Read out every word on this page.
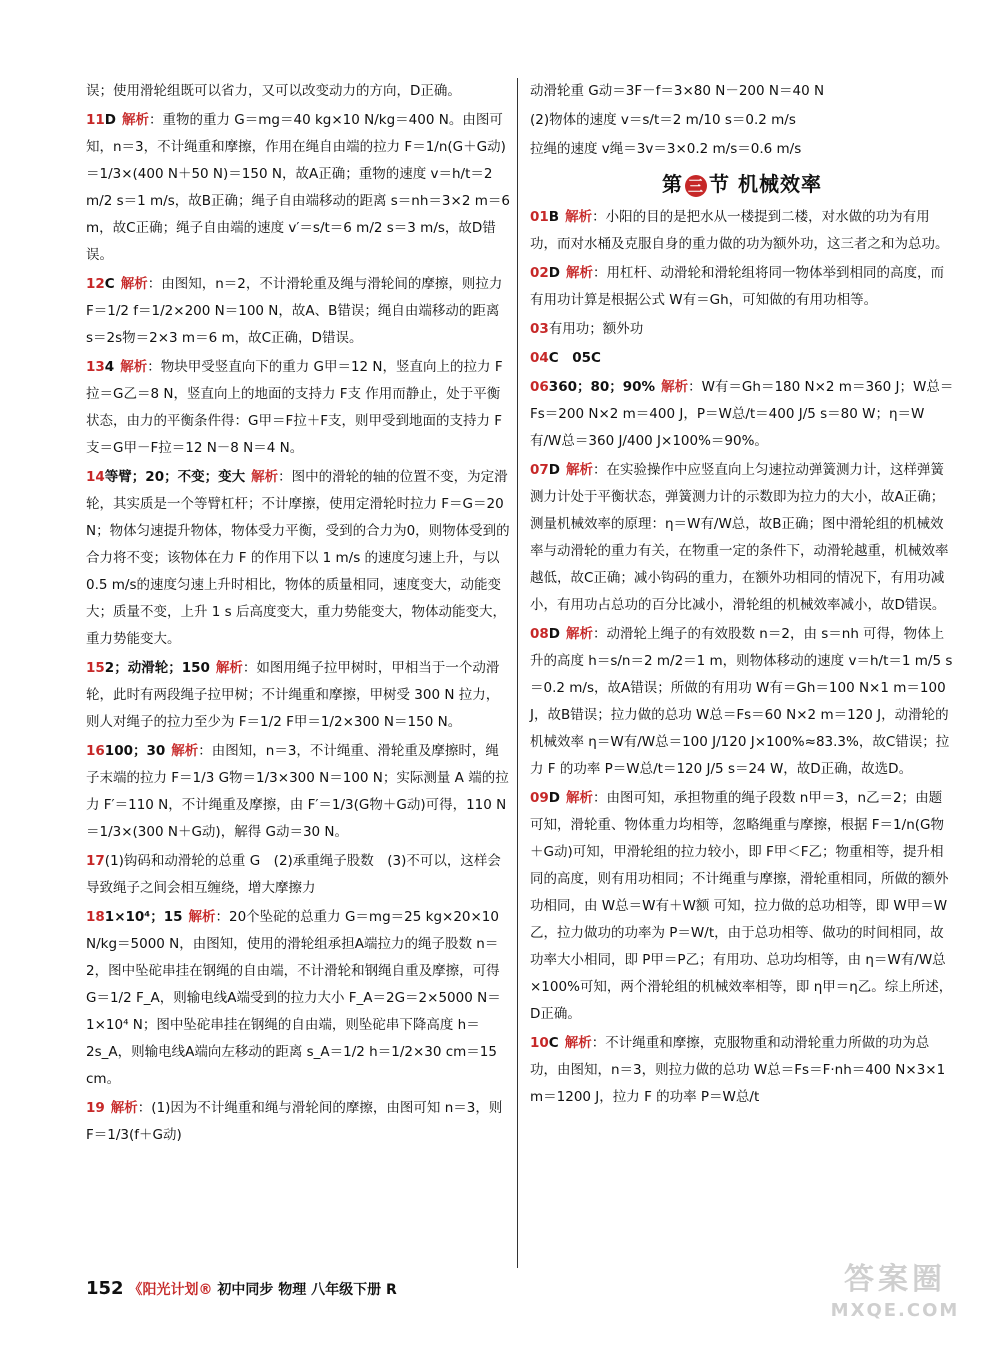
误；使用滑轮组既可以省力，又可以改变动力的方向，D正确。
11D 解析：重物的重力 G＝mg＝40 kg×10 N/kg＝400 N。由图可知，n＝3，不计绳重和摩擦，作用在绳自由端的拉力 F＝1/n(G＋G动)＝1/3×(400 N＋50 N)＝150 N，故A正确；重物的速度 v＝h/t＝2 m/2 s＝1 m/s，故B正确；绳子自由端移动的距离 s＝nh＝3×2 m＝6 m，故C正确；绳子自由端的速度 v′＝s/t＝6 m/2 s＝3 m/s，故D错误。
12C 解析：由图知，n＝2，不计滑轮重及绳与滑轮间的摩擦，则拉力 F＝1/2 f＝1/2×200 N＝100 N，故A、B错误；绳自由端移动的距离 s＝2s物＝2×3 m＝6 m，故C正确，D错误。
134 解析：物块甲受竖直向下的重力 G甲＝12 N，竖直向上的拉力 F拉＝G乙＝8 N，竖直向上的地面的支持力 F支 作用而静止，处于平衡状态，由力的平衡条件得：G甲＝F拉＋F支，则甲受到地面的支持力 F支＝G甲－F拉＝12 N－8 N＝4 N。
14等臂；20；不变；变大 解析：图中的滑轮的轴的位置不变，为定滑轮，其实质是一个等臂杠杆；不计摩擦，使用定滑轮时拉力 F＝G＝20 N；物体匀速提升物体，物体受力平衡，受到的合力为0，则物体受到的合力将不变；该物体在力 F 的作用下以 1 m/s 的速度匀速上升，与以 0.5 m/s的速度匀速上升时相比，物体的质量相同，速度变大，动能变大；质量不变，上升 1 s 后高度变大，重力势能变大，物体动能变大，重力势能变大。
152；动滑轮；150 解析：如图用绳子拉甲树时，甲相当于一个动滑轮，此时有两段绳子拉甲树；不计绳重和摩擦，甲树受 300 N 拉力，则人对绳子的拉力至少为 F＝1/2 F甲＝1/2×300 N＝150 N。
16100；30 解析：由图知，n＝3，不计绳重、滑轮重及摩擦时，绳子末端的拉力 F＝1/3 G物＝1/3×300 N＝100 N；实际测量 A 端的拉力 F′＝110 N，不计绳重及摩擦，由 F′＝1/3(G物＋G动)可得，110 N＝1/3×(300 N＋G动)，解得 G动＝30 N。
17(1)钩码和动滑轮的总重 G　(2)承重绳子股数　(3)不可以，这样会导致绳子之间会相互缠绕，增大摩擦力
181×10⁴；15 解析：20个坠砣的总重力 G＝mg＝25 kg×20×10 N/kg＝5000 N，由图知，使用的滑轮组承担A端拉力的绳子股数 n＝2，图中坠砣串挂在钢绳的自由端，不计滑轮和钢绳自重及摩擦，可得 G＝1/2 F_A，则输电线A端受到的拉力大小 F_A＝2G＝2×5000 N＝1×10⁴ N；图中坠砣串挂在钢绳的自由端，则坠砣串下降高度 h＝2s_A，则输电线A端向左移动的距离 s_A＝1/2 h＝1/2×30 cm＝15 cm。
19 解析：(1)因为不计绳重和绳与滑轮间的摩擦，由图可知 n＝3，则 F＝1/3(f＋G动)
动滑轮重 G动＝3F－f＝3×80 N－200 N＝40 N
(2)物体的速度 v＝s/t＝2 m/10 s＝0.2 m/s
拉绳的速度 v绳＝3v＝3×0.2 m/s＝0.6 m/s
第 三 节 机械效率
01B 解析：小阳的目的是把水从一楼提到二楼，对水做的功为有用功，而对水桶及克服自身的重力做的功为额外功，这三者之和为总功。
02D 解析：用杠杆、动滑轮和滑轮组将同一物体举到相同的高度，而有用功计算是根据公式 W有＝Gh，可知做的有用功相等。
03有用功；额外功
04C　05C
06360；80；90% 解析：W有＝Gh＝180 N×2 m＝360 J；W总＝Fs＝200 N×2 m＝400 J，P＝W总/t＝400 J/5 s＝80 W；η＝W有/W总＝360 J/400 J×100%＝90%。
07D 解析：在实验操作中应竖直向上匀速拉动弹簧测力计，这样弹簧测力计处于平衡状态，弹簧测力计的示数即为拉力的大小，故A正确；测量机械效率的原理：η＝W有/W总，故B正确；图中滑轮组的机械效率与动滑轮的重力有关，在物重一定的条件下，动滑轮越重，机械效率越低，故C正确；减小钩码的重力，在额外功相同的情况下，有用功减小，有用功占总功的百分比减小，滑轮组的机械效率减小，故D错误。
08D 解析：动滑轮上绳子的有效股数 n＝2，由 s＝nh 可得，物体上升的高度 h＝s/n＝2 m/2＝1 m，则物体移动的速度 v＝h/t＝1 m/5 s＝0.2 m/s，故A错误；所做的有用功 W有＝Gh＝100 N×1 m＝100 J，故B错误；拉力做的总功 W总＝Fs＝60 N×2 m＝120 J，动滑轮的机械效率 η＝W有/W总＝100 J/120 J×100%≈83.3%，故C错误；拉力 F 的功率 P＝W总/t＝120 J/5 s＝24 W，故D正确，故选D。
09D 解析：由图可知，承担物重的绳子段数 n甲＝3，n乙＝2；由题可知，滑轮重、物体重力均相等，忽略绳重与摩擦，根据 F＝1/n(G物＋G动)可知，甲滑轮组的拉力较小，即 F甲＜F乙；物重相等，提升相同的高度，则有用功相同；不计绳重与摩擦，滑轮重相同，所做的额外功相同，由 W总＝W有＋W额 可知，拉力做的总功相等，即 W甲＝W乙，拉力做功的功率为 P＝W/t，由于总功相等、做功的时间相同，故功率大小相同，即 P甲＝P乙；有用功、总功均相等，由 η＝W有/W总×100%可知，两个滑轮组的机械效率相等，即 η甲＝η乙。综上所述，D正确。
10C 解析：不计绳重和摩擦，克服物重和动滑轮重力所做的功为总功，由图知，n＝3，则拉力做的总功 W总＝Fs＝F·nh＝400 N×3×1 m＝1200 J，拉力 F 的功率 P＝W总/t
152 《阳光计划® 初中同步 物理 八年级下册 R	答案圈
MXQE.COM
